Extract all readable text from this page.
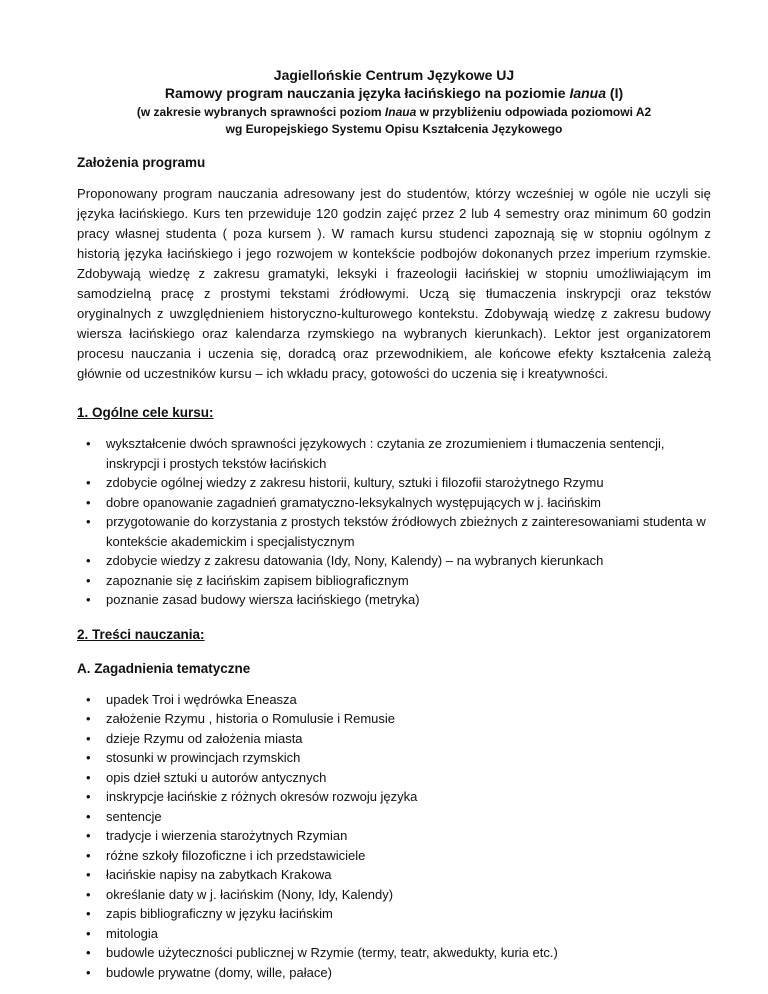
Jagiellońskie Centrum Językowe UJ
Ramowy program nauczania języka łacińskiego na poziomie Ianua (I)
(w zakresie wybranych sprawności poziom Inaua w przybliżeniu odpowiada poziomowi A2
wg Europejskiego Systemu Opisu Kształcenia Językowego

Założenia programu

Proponowany program nauczania adresowany jest do studentów, którzy wcześniej w ogóle nie uczyli się języka łacińskiego. Kurs ten przewiduje 120 godzin zajęć przez 2 lub 4 semestry oraz minimum 60 godzin pracy własnej studenta ( poza kursem ). W ramach kursu studenci zapoznają się w stopniu ogólnym z historią języka łacińskiego i jego rozwojem w kontekście podbojów dokonanych przez imperium rzymskie. Zdobywają wiedzę z zakresu gramatyki, leksyki i frazeologii łacińskiej w stopniu umożliwiającym im samodzielną pracę z prostymi tekstami źródłowymi. Uczą się tłumaczenia inskrypcji oraz tekstów oryginalnych z uwzględnieniem historyczno-kulturowego kontekstu. Zdobywają wiedzę z zakresu budowy wiersza łacińskiego oraz kalendarza rzymskiego na wybranych kierunkach). Lektor jest organizatorem procesu nauczania i uczenia się, doradcą oraz przewodnikiem, ale końcowe efekty kształcenia zależą głównie od uczestników kursu – ich wkładu pracy, gotowości do uczenia się i kreatywności.

1. Ogólne cele kursu:

• wykształcenie dwóch sprawności językowych : czytania ze zrozumieniem i tłumaczenia sentencji, inskrypcji i prostych tekstów łacińskich
• zdobycie ogólnej wiedzy z zakresu historii, kultury, sztuki i filozofii starożytnego Rzymu
• dobre opanowanie zagadnień gramatyczno-leksykalnych występujących w j. łacińskim
• przygotowanie do korzystania z prostych tekstów źródłowych zbieżnych z zainteresowaniami studenta w kontekście akademickim i specjalistycznym
• zdobycie wiedzy z zakresu datowania (Idy, Nony, Kalendy) – na wybranych kierunkach
• zapoznanie się z łacińskim zapisem bibliograficznym
• poznanie zasad budowy wiersza łacińskiego (metryka)

2. Treści nauczania:

A. Zagadnienia tematyczne

• upadek Troi i wędrówka Eneasza
• założenie Rzymu , historia o Romulusie i Remusie
• dzieje Rzymu od założenia miasta
• stosunki w prowincjach rzymskich
• opis dzieł sztuki u autorów antycznych
• inskrypcje łacińskie z różnych okresów rozwoju języka
• sentencje
• tradycje i wierzenia starożytnych Rzymian
• różne szkoły filozoficzne i ich przedstawiciele
• łacińskie napisy na zabytkach Krakowa
• określanie daty w j. łacińskim (Nony, Idy, Kalendy)
• zapis bibliograficzny w języku łacińskim
• mitologia
• budowle użyteczności publicznej w Rzymie (termy, teatr, akwedukty, kuria etc.)
• budowle prywatne (domy, wille, pałace)
